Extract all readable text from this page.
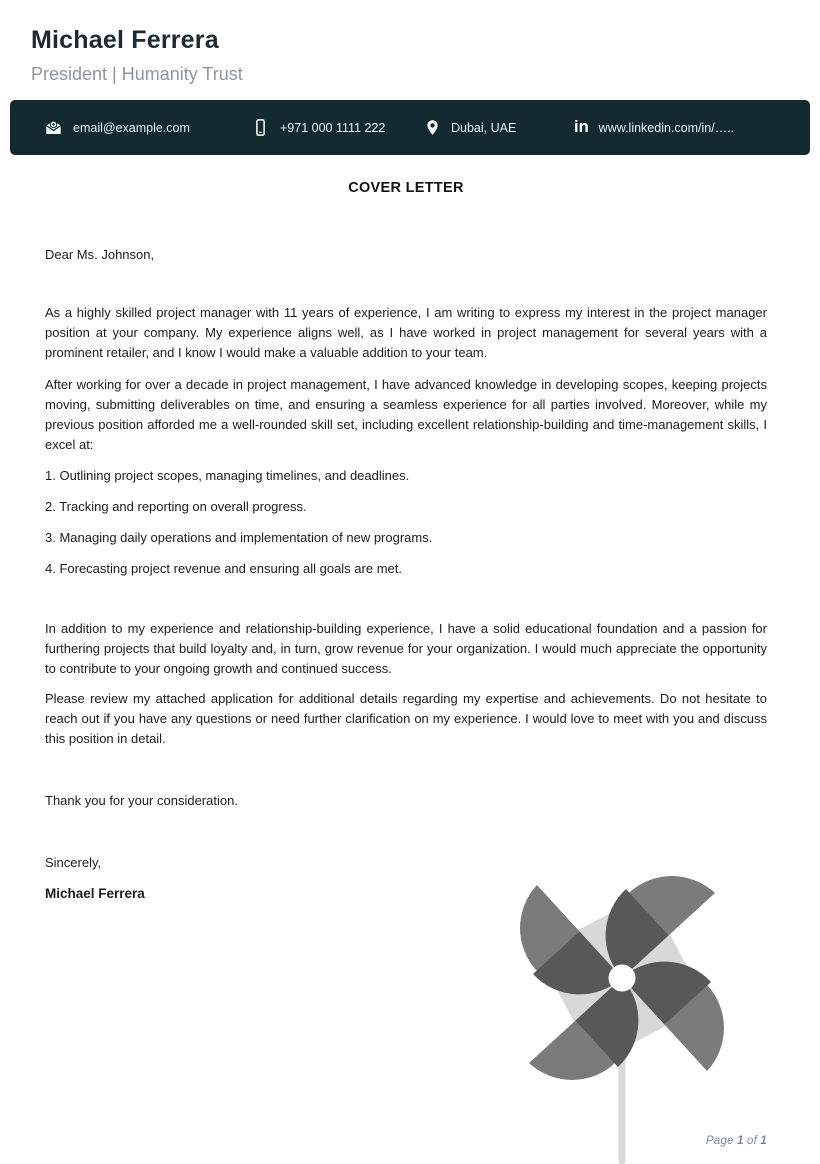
Michael Ferrera
President | Humanity Trust
email@example.com	+971 000 1111 222	Dubai, UAE	in www.linkedin.com/in/…..
COVER LETTER
Dear Ms. Johnson,
As a highly skilled project manager with 11 years of experience, I am writing to express my interest in the project manager position at your company. My experience aligns well, as I have worked in project management for several years with a prominent retailer, and I know I would make a valuable addition to your team.
After working for over a decade in project management, I have advanced knowledge in developing scopes, keeping projects moving, submitting deliverables on time, and ensuring a seamless experience for all parties involved. Moreover, while my previous position afforded me a well-rounded skill set, including excellent relationship-building and time-management skills, I excel at:
1. Outlining project scopes, managing timelines, and deadlines.
2. Tracking and reporting on overall progress.
3. Managing daily operations and implementation of new programs.
4. Forecasting project revenue and ensuring all goals are met.
In addition to my experience and relationship-building experience, I have a solid educational foundation and a passion for furthering projects that build loyalty and, in turn, grow revenue for your organization. I would much appreciate the opportunity to contribute to your ongoing growth and continued success.
Please review my attached application for additional details regarding my expertise and achievements. Do not hesitate to reach out if you have any questions or need further clarification on my experience. I would love to meet with you and discuss this position in detail.
Thank you for your consideration.
Sincerely,
Michael Ferrera
Page 1 of 1
